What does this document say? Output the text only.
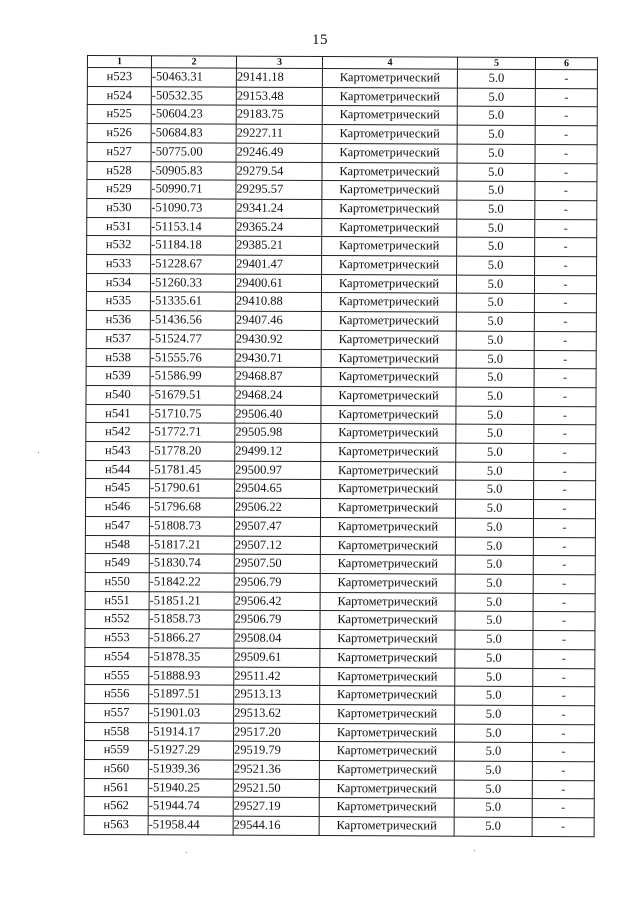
15
1	2	3	4	5	6
н523	-50463.31	29141.18	Картометрический	5.0	-
н524	-50532.35	29153.48	Картометрический	5.0	-
н525	-50604.23	29183.75	Картометрический	5.0	-
н526	-50684.83	29227.11	Картометрический	5.0	-
н527	-50775.00	29246.49	Картометрический	5.0	-
н528	-50905.83	29279.54	Картометрический	5.0	-
н529	-50990.71	29295.57	Картометрический	5.0	-
н530	-51090.73	29341.24	Картометрический	5.0	-
н531	-51153.14	29365.24	Картометрический	5.0	-
н532	-51184.18	29385.21	Картометрический	5.0	-
н533	-51228.67	29401.47	Картометрический	5.0	-
н534	-51260.33	29400.61	Картометрический	5.0	-
н535	-51335.61	29410.88	Картометрический	5.0	-
н536	-51436.56	29407.46	Картометрический	5.0	-
н537	-51524.77	29430.92	Картометрический	5.0	-
н538	-51555.76	29430.71	Картометрический	5.0	-
н539	-51586.99	29468.87	Картометрический	5.0	-
н540	-51679.51	29468.24	Картометрический	5.0	-
н541	-51710.75	29506.40	Картометрический	5.0	-
н542	-51772.71	29505.98	Картометрический	5.0	-
н543	-51778.20	29499.12	Картометрический	5.0	-
н544	-51781.45	29500.97	Картометрический	5.0	-
н545	-51790.61	29504.65	Картометрический	5.0	-
н546	-51796.68	29506.22	Картометрический	5.0	-
н547	-51808.73	29507.47	Картометрический	5.0	-
н548	-51817.21	29507.12	Картометрический	5.0	-
н549	-51830.74	29507.50	Картометрический	5.0	-
н550	-51842.22	29506.79	Картометрический	5.0	-
н551	-51851.21	29506.42	Картометрический	5.0	-
н552	-51858.73	29506.79	Картометрический	5.0	-
н553	-51866.27	29508.04	Картометрический	5.0	-
н554	-51878.35	29509.61	Картометрический	5.0	-
н555	-51888.93	29511.42	Картометрический	5.0	-
н556	-51897.51	29513.13	Картометрический	5.0	-
н557	-51901.03	29513.62	Картометрический	5.0	-
н558	-51914.17	29517.20	Картометрический	5.0	-
н559	-51927.29	29519.79	Картометрический	5.0	-
н560	-51939.36	29521.36	Картометрический	5.0	-
н561	-51940.25	29521.50	Картометрический	5.0	-
н562	-51944.74	29527.19	Картометрический	5.0	-
н563	-51958.44	29544.16	Картометрический	5.0	-
